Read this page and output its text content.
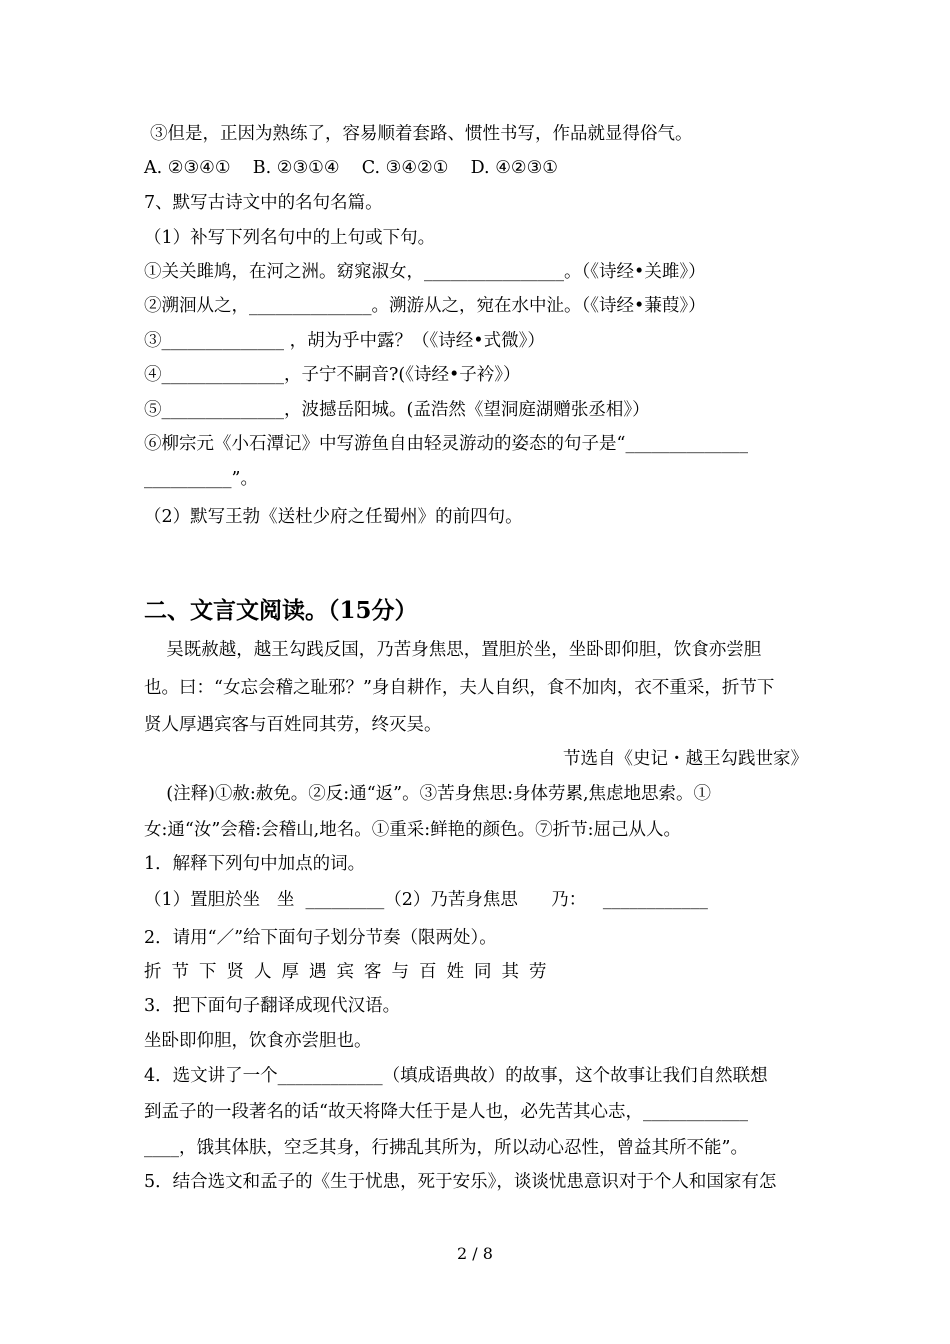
③但是，正因为熟练了，容易顺着套路、惯性书写，作品就显得俗气。
A. ②③④①    B. ②③①④    C. ③④②①    D. ④②③①
7、默写古诗文中的名句名篇。
（1）补写下列名句中的上句或下句。
①关关雎鸠，在河之洲。窈窕淑女，________________。（《诗经•关雎》）
②溯洄从之，______________。溯游从之，宛在水中沚。（《诗经•蒹葭》）
③______________ ，胡为乎中露？（《诗经•式微》）
④______________，子宁不嗣音?(《诗经•子衿》）
⑤______________，波撼岳阳城。(孟浩然《望洞庭湖赠张丞相》）
⑥柳宗元《小石潭记》中写游鱼自由轻灵游动的姿态的句子是“______________
__________”。
（2）默写王勃《送杜少府之任蜀州》的前四句。
二、文言文阅读。（15分）
吴既赦越，越王勾践反国，乃苦身焦思，置胆於坐，坐卧即仰胆，饮食亦尝胆
也。曰：“女忘会稽之耻邪？”身自耕作，夫人自织，食不加肉，衣不重采，折节下
贤人厚遇宾客与百姓同其劳，终灭吴。
节选自《史记・越王勾践世家》
(注释)①赦:赦免。②反:通“返”。③苦身焦思:身体劳累,焦虑地思索。①
女:通“汝”会稽:会稽山,地名。①重采:鲜艳的颜色。⑦折节:屈己从人。
1．解释下列句中加点的词。
（1）置胆於坐   坐  _________（2）乃苦身焦思      乃：   ____________
2．请用“／”给下面句子划分节奏（限两处）。
折节下贤人厚遇宾客与百姓同其劳
3．把下面句子翻译成现代汉语。
坐卧即仰胆，饮食亦尝胆也。
4．选文讲了一个____________（填成语典故）的故事，这个故事让我们自然联想
到孟子的一段著名的话“故天将降大任于是人也，必先苦其心志，____________
____，饿其体肤，空乏其身，行拂乱其所为，所以动心忍性，曾益其所不能”。
5．结合选文和孟子的《生于忧患，死于安乐》，谈谈忧患意识对于个人和国家有怎
2 / 8
